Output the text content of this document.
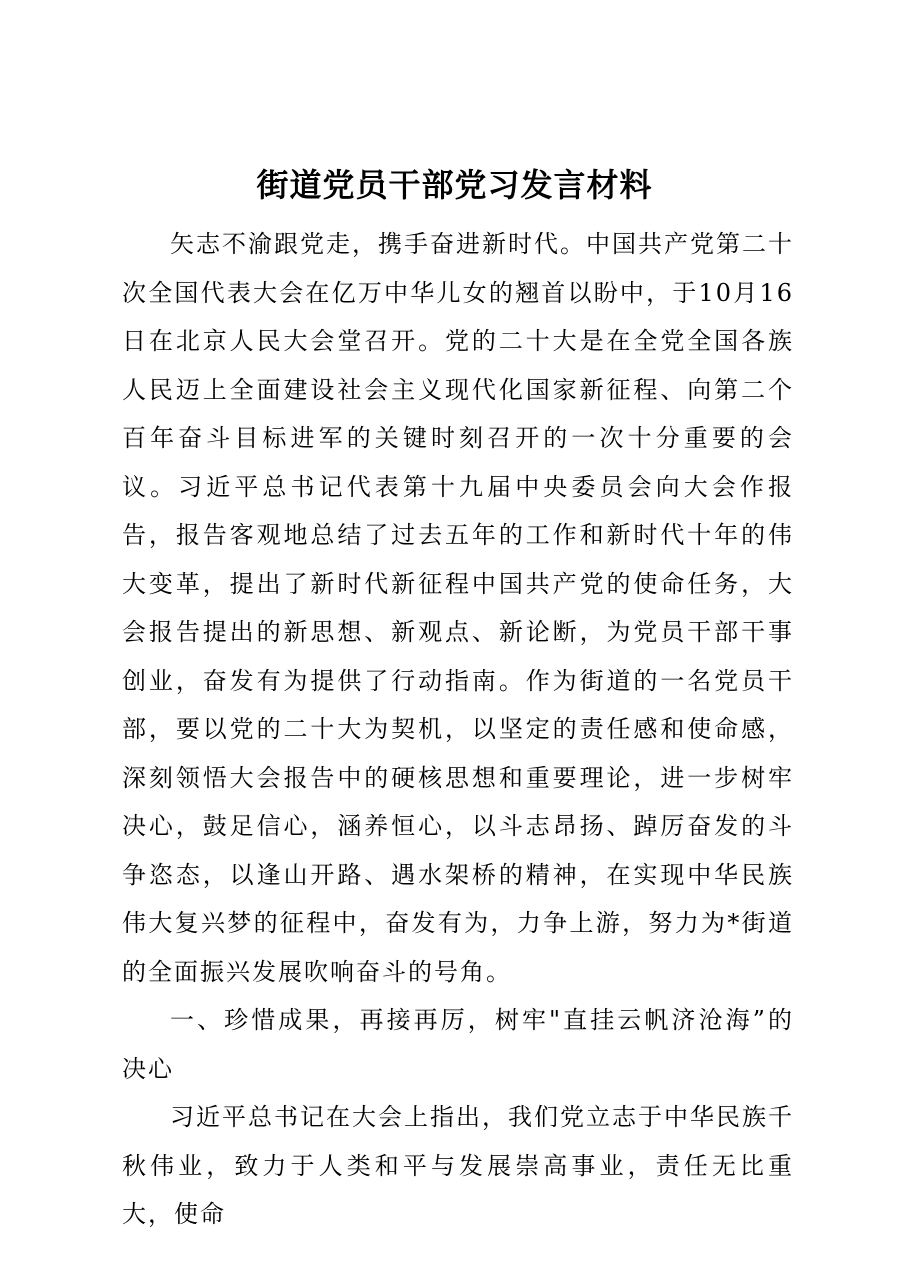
街道党员干部党习发言材料

矢志不渝跟党走，携手奋进新时代。中国共产党第二十次全国代表大会在亿万中华儿女的翘首以盼中，于10月16日在北京人民大会堂召开。党的二十大是在全党全国各族人民迈上全面建设社会主义现代化国家新征程、向第二个百年奋斗目标进军的关键时刻召开的一次十分重要的会议。习近平总书记代表第十九届中央委员会向大会作报告，报告客观地总结了过去五年的工作和新时代十年的伟大变革，提出了新时代新征程中国共产党的使命任务，大会报告提出的新思想、新观点、新论断，为党员干部干事创业，奋发有为提供了行动指南。作为街道的一名党员干部，要以党的二十大为契机，以坚定的责任感和使命感，深刻领悟大会报告中的硬核思想和重要理论，进一步树牢决心，鼓足信心，涵养恒心，以斗志昂扬、踔厉奋发的斗争恣态，以逢山开路、遇水架桥的精神，在实现中华民族伟大复兴梦的征程中，奋发有为，力争上游，努力为*街道的全面振兴发展吹响奋斗的号角。

一、珍惜成果，再接再厉，树牢"直挂云帆济沧海”的决心

习近平总书记在大会上指出，我们党立志于中华民族千秋伟业，致力于人类和平与发展崇高事业，责任无比重大，使命
